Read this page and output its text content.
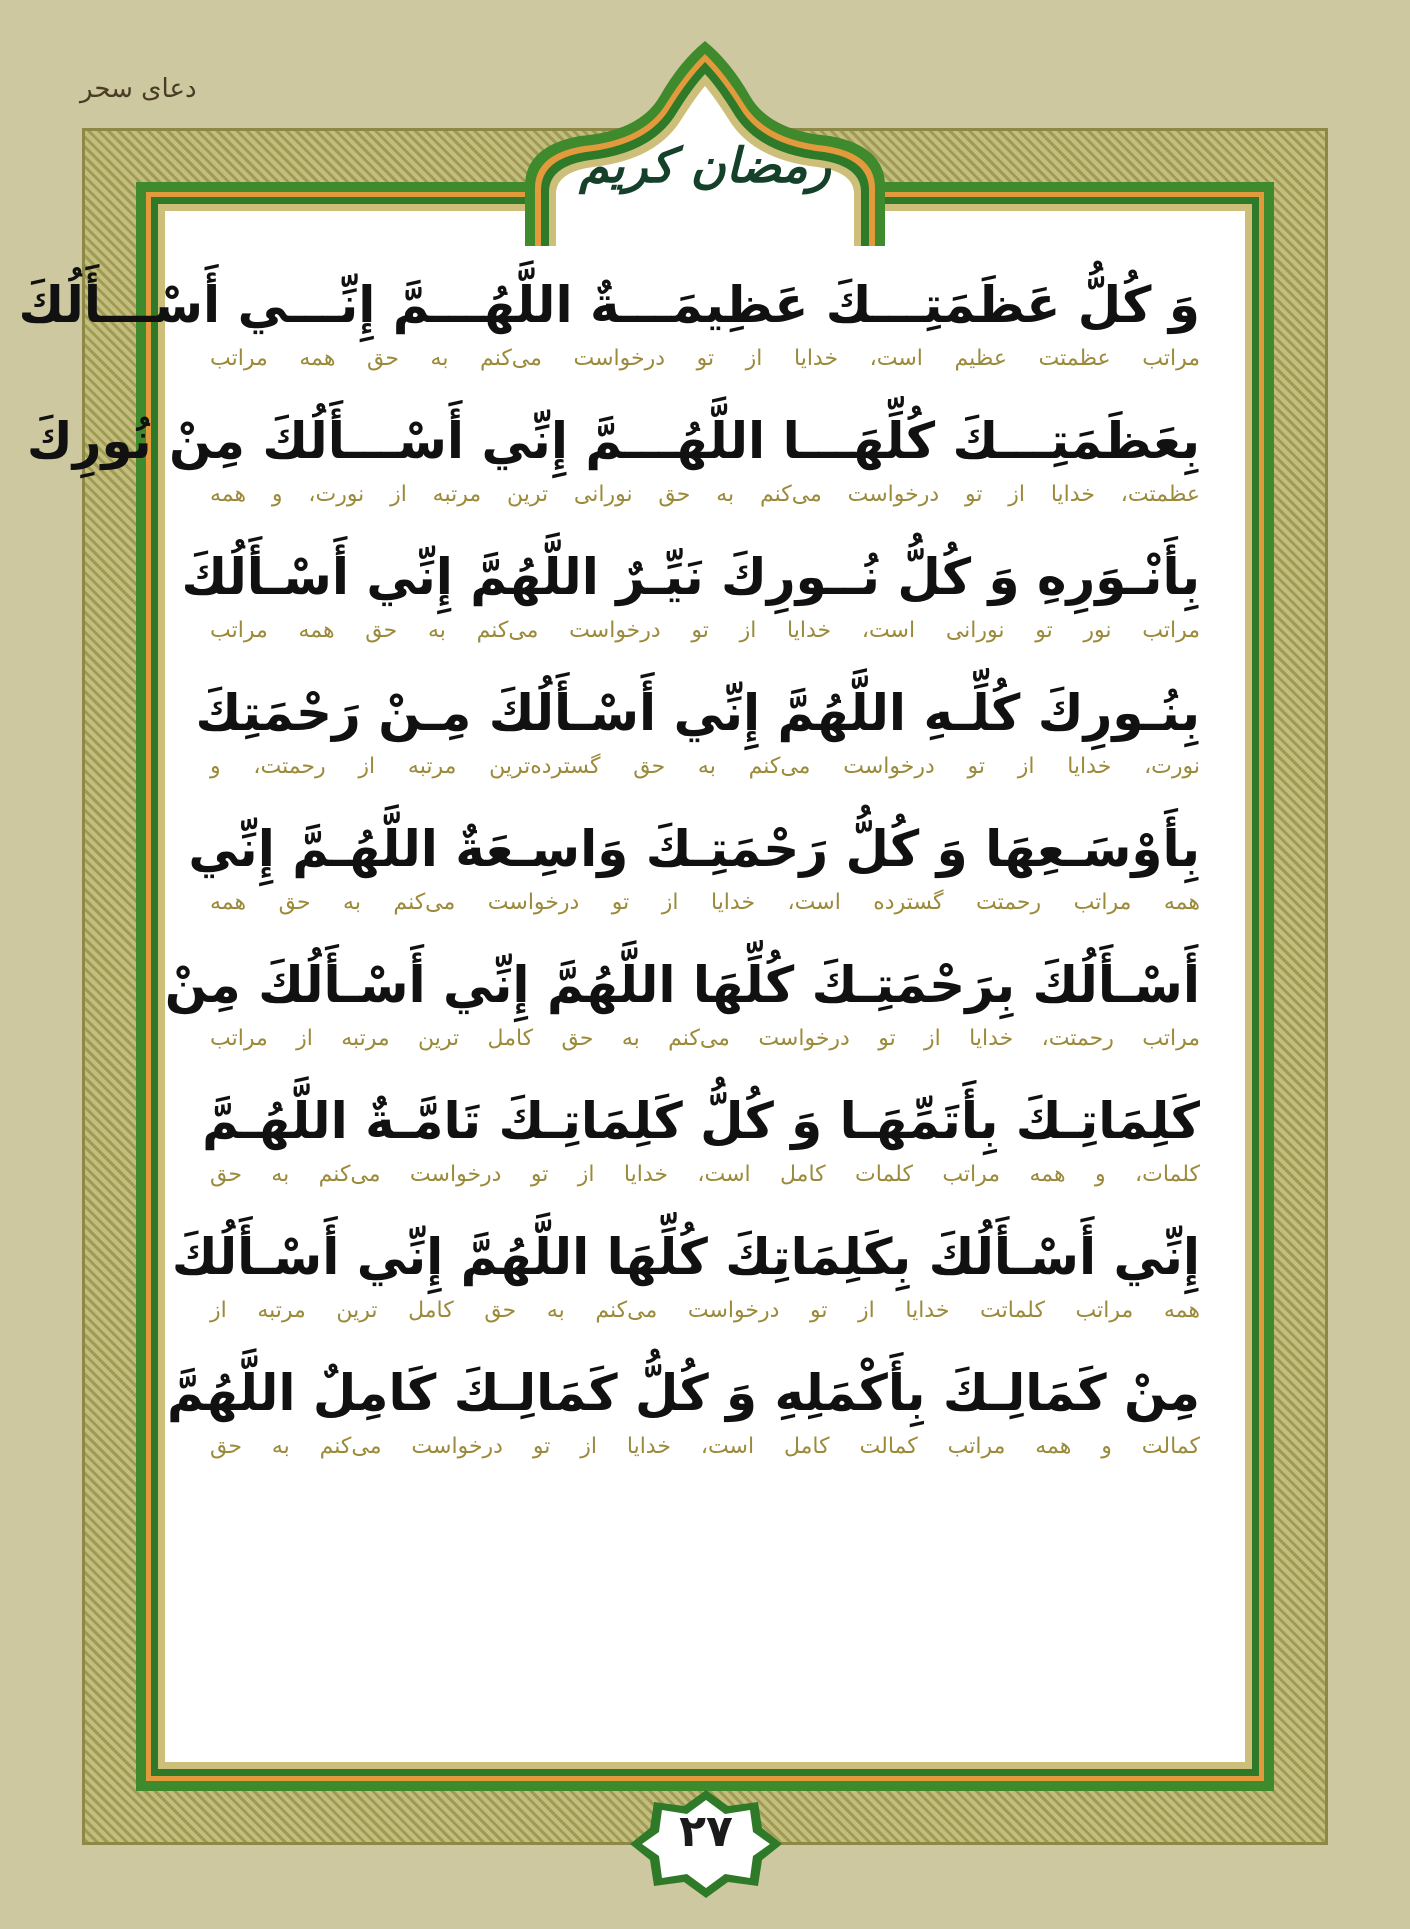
دعای سحر
رمضان كريم
وَ كُلُّ عَظَمَتِـــكَ عَظِيمَـــةٌ اللَّهُـــمَّ إِنِّـــي أَسْـــأَلُكَ
مراتب عظمتت عظیم است، خدایا از تو درخواست می‌كنم به حق همه مراتب
بِعَظَمَتِـــكَ كُلِّهَـــا اللَّهُـــمَّ إِنِّي أَسْـــأَلُكَ مِنْ نُورِكَ
عظمتت، خدایا از تو درخواست می‌كنم به حق نورانی ترین مرتبه از نورت، و همه
بِأَنْـوَرِهِ وَ كُلُّ نُــورِكَ نَيِّـرٌ اللَّهُمَّ إِنِّي أَسْـأَلُكَ
مراتب نور تو نورانی است، خدایا از تو درخواست می‌كنم به حق همه مراتب
بِنُـورِكَ كُلِّـهِ اللَّهُمَّ إِنِّي أَسْـأَلُكَ مِـنْ رَحْمَتِكَ
نورت، خدایا از تو درخواست می‌كنم به حق گسترده‌ترین مرتبه از رحمتت، و
بِأَوْسَـعِهَا وَ كُلُّ رَحْمَتِـكَ وَاسِـعَةٌ اللَّهُـمَّ إِنِّي
همه مراتب رحمتت گسترده است، خدایا از تو درخواست می‌كنم به حق همه
أَسْـأَلُكَ بِرَحْمَتِـكَ كُلِّهَا اللَّهُمَّ إِنِّي أَسْـأَلُكَ مِنْ
مراتب رحمتت، خدایا از تو درخواست می‌كنم به حق كامل ترین مرتبه از مراتب
كَلِمَاتِـكَ بِأَتَمِّهَـا وَ كُلُّ كَلِمَاتِـكَ تَامَّـةٌ اللَّهُـمَّ
كلمات، و همه مراتب كلمات كامل است، خدایا از تو درخواست می‌كنم به حق
إِنِّي أَسْـأَلُكَ بِكَلِمَاتِكَ كُلِّهَا اللَّهُمَّ إِنِّي أَسْـأَلُكَ
همه مراتب كلماتت خدایا از تو درخواست می‌كنم به حق كامل ترین مرتبه از
مِنْ كَمَالِـكَ بِأَكْمَلِهِ وَ كُلُّ كَمَالِـكَ كَامِلٌ اللَّهُمَّ
كمالت و همه مراتب كمالت كامل است، خدایا از تو درخواست می‌كنم به حق
۲۷
